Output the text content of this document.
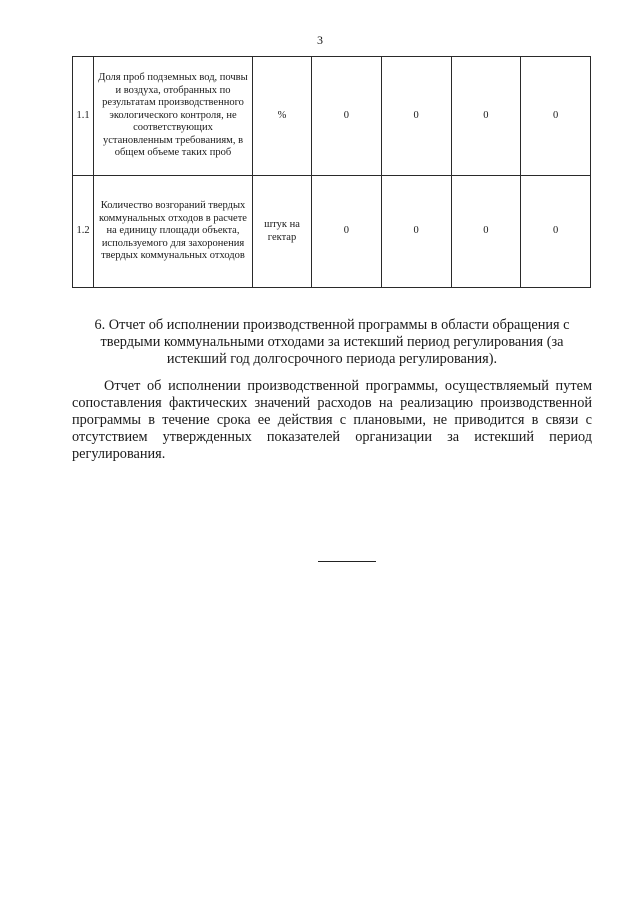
3
1.1	Доля проб подземных вод, почвы и воздуха, отобранных по результатам производственного экологического контроля, не соответствующих установленным требованиям, в общем объеме таких проб	%	0	0	0	0
1.2	Количество возгораний твердых коммунальных отходов в расчете на единицу площади объекта, используемого для захоронения твердых коммунальных отходов	штук на гектар	0	0	0	0
6. Отчет об исполнении производственной программы в области обращения с твердыми коммунальными отходами за истекший период регулирования (за истекший год долгосрочного периода регулирования).

Отчет об исполнении производственной программы, осуществляемый путем сопоставления фактических значений расходов на реализацию производственной программы в течение срока ее действия с плановыми, не приводится в связи с отсутствием утвержденных показателей организации за истекший период регулирования.
